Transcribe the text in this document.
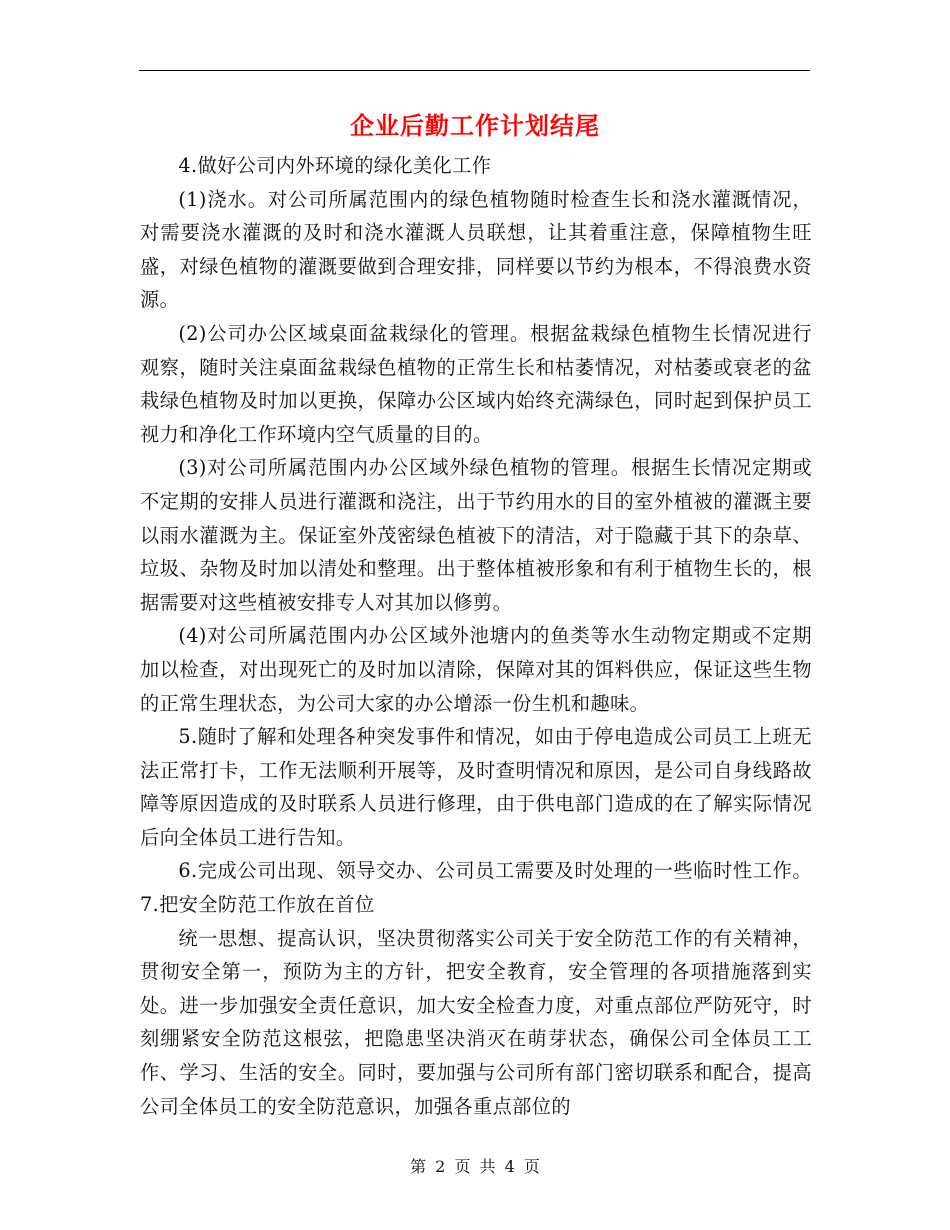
企业后勤工作计划结尾

4.做好公司内外环境的绿化美化工作

(1)浇水。对公司所属范围内的绿色植物随时检查生长和浇水灌溉情况，对需要浇水灌溉的及时和浇水灌溉人员联想，让其着重注意，保障植物生旺盛，对绿色植物的灌溉要做到合理安排，同样要以节约为根本，不得浪费水资源。

(2)公司办公区域桌面盆栽绿化的管理。根据盆栽绿色植物生长情况进行观察，随时关注桌面盆栽绿色植物的正常生长和枯萎情况，对枯萎或衰老的盆栽绿色植物及时加以更换，保障办公区域内始终充满绿色，同时起到保护员工视力和净化工作环境内空气质量的目的。

(3)对公司所属范围内办公区域外绿色植物的管理。根据生长情况定期或不定期的安排人员进行灌溉和浇注，出于节约用水的目的室外植被的灌溉主要以雨水灌溉为主。保证室外茂密绿色植被下的清洁，对于隐藏于其下的杂草、垃圾、杂物及时加以清处和整理。出于整体植被形象和有利于植物生长的，根据需要对这些植被安排专人对其加以修剪。

(4)对公司所属范围内办公区域外池塘内的鱼类等水生动物定期或不定期加以检查，对出现死亡的及时加以清除，保障对其的饵料供应，保证这些生物的正常生理状态，为公司大家的办公增添一份生机和趣味。

5.随时了解和处理各种突发事件和情况，如由于停电造成公司员工上班无法正常打卡，工作无法顺利开展等，及时查明情况和原因，是公司自身线路故障等原因造成的及时联系人员进行修理，由于供电部门造成的在了解实际情况后向全体员工进行告知。

6.完成公司出现、领导交办、公司员工需要及时处理的一些临时性工作。7.把安全防范工作放在首位

统一思想、提高认识，坚决贯彻落实公司关于安全防范工作的有关精神，贯彻安全第一，预防为主的方针，把安全教育，安全管理的各项措施落到实处。进一步加强安全责任意识，加大安全检查力度，对重点部位严防死守，时刻绷紧安全防范这根弦，把隐患坚决消灭在萌芽状态，确保公司全体员工工作、学习、生活的安全。同时，要加强与公司所有部门密切联系和配合，提高公司全体员工的安全防范意识，加强各重点部位的

第 2 页 共 4 页
